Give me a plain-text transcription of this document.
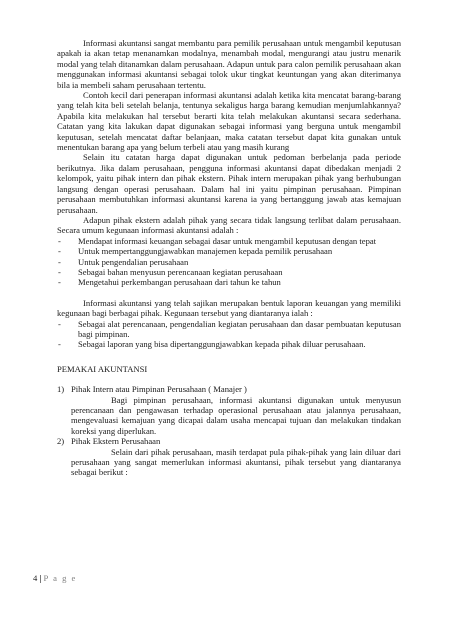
Informasi akuntansi sangat membantu para pemilik perusahaan untuk mengambil keputusan apakah ia akan tetap menanamkan modalnya, menambah modal, mengurangi atau justru menarik modal yang telah ditanamkan dalam perusahaan. Adapun untuk para calon pemilik perusahaan akan menggunakan informasi akuntansi sebagai tolok ukur tingkat keuntungan yang akan diterimanya bila ia membeli saham perusahaan tertentu.

Contoh kecil dari penerapan informasi akuntansi adalah ketika kita mencatat barang-barang yang telah kita beli setelah belanja, tentunya sekaligus harga barang kemudian menjumlahkannya? Apabila kita melakukan hal tersebut berarti kita telah melakukan akuntansi secara sederhana. Catatan yang kita lakukan dapat digunakan sebagai informasi yang berguna untuk mengambil keputusan, setelah mencatat daftar belanjaan, maka catatan tersebut dapat kita gunakan untuk menentukan barang apa yang belum terbeli atau yang masih kurang

Selain itu catatan harga dapat digunakan untuk pedoman berbelanja pada periode berikutnya. Jika dalam perusahaan, pengguna informasi akuntansi dapat dibedakan menjadi 2 kelompok, yaitu pihak intern dan pihak ekstern. Pihak intern merupakan pihak yang berhubungan langsung dengan operasi perusahaan. Dalam hal ini yaitu pimpinan perusahaan. Pimpinan perusahaan membutuhkan informasi akuntansi karena ia yang bertanggung jawab atas kemajuan perusahaan.

Adapun pihak ekstern adalah pihak yang secara tidak langsung terlibat dalam perusahaan. Secara umum kegunaan informasi akuntansi adalah :

- Mendapat informasi keuangan sebagai dasar untuk mengambil keputusan dengan tepat
- Untuk mempertanggungjawabkan manajemen kepada pemilik perusahaan
- Untuk pengendalian perusahaan
- Sebagai bahan menyusun perencanaan kegiatan perusahaan
- Mengetahui perkembangan perusahaan dari tahun ke tahun

Informasi akuntansi yang telah sajikan merupakan bentuk laporan keuangan yang memiliki kegunaan bagi berbagai pihak. Kegunaan tersebut yang diantaranya ialah :

- Sebagai alat perencanaan, pengendalian kegiatan perusahaan dan dasar pembuatan keputusan bagi pimpinan.
- Sebagai laporan yang bisa dipertanggungjawabkan kepada pihak diluar perusahaan.

PEMAKAI AKUNTANSI

1) Pihak Intern atau Pimpinan Perusahaan ( Manajer )

Bagi pimpinan perusahaan, informasi akuntansi digunakan untuk menyusun perencanaan dan pengawasan terhadap operasional perusahaan atau jalannya perusahaan, mengevaluasi kemajuan yang dicapai dalam usaha mencapai tujuan dan melakukan tindakan koreksi yang diperlukan.

2) Pihak Ekstern Perusahaan

Selain dari pihak perusahaan, masih terdapat pula pihak-pihak yang lain diluar dari perusahaan yang sangat memerlukan informasi akuntansi, pihak tersebut yang diantaranya sebagai berikut :

4 | P a g e
